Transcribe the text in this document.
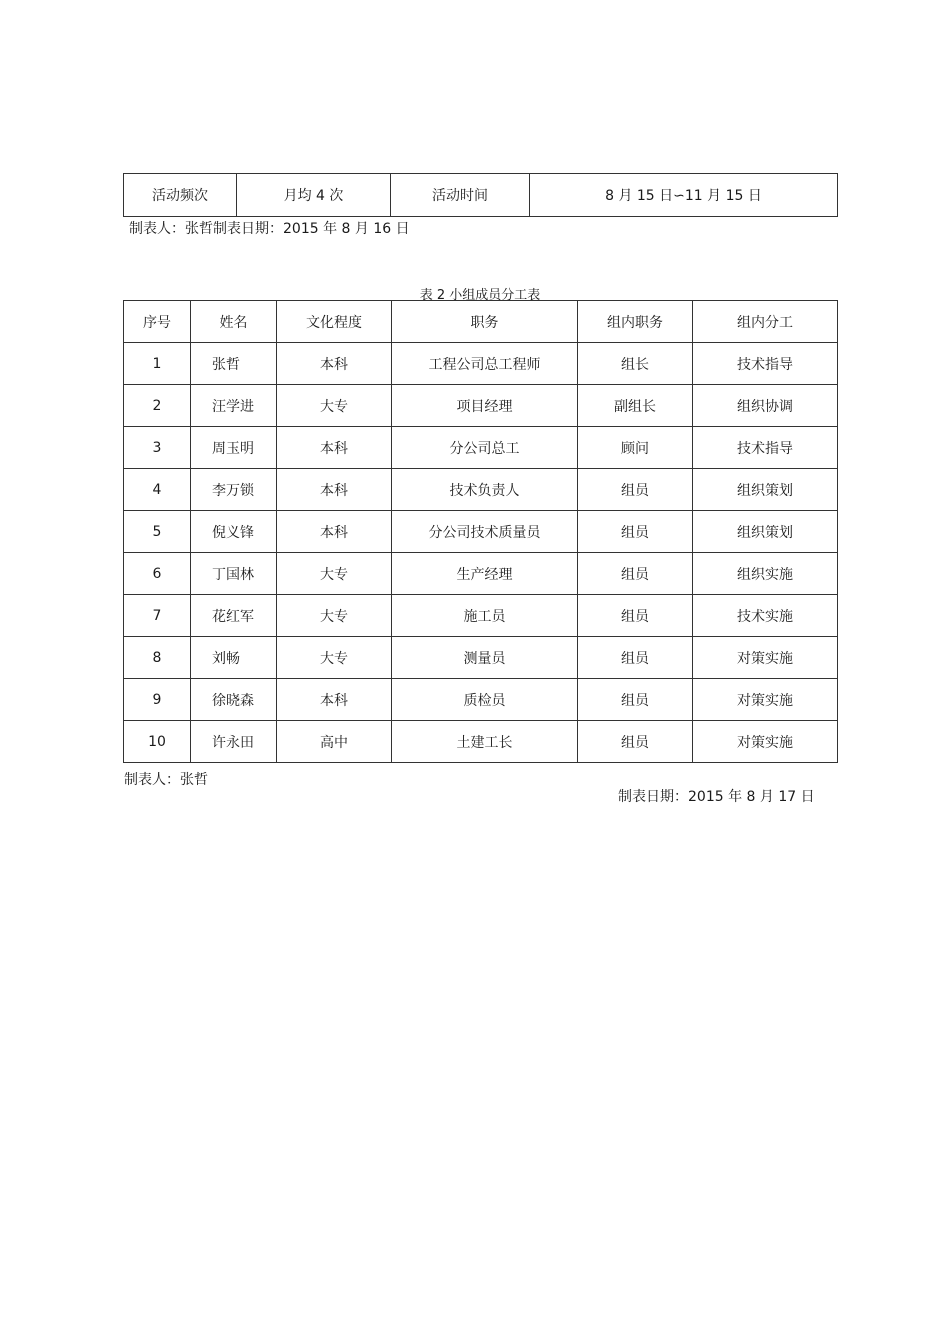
活动频次	月均 4 次	活动时间	8 月 15 日∽11 月 15 日
制表人：张哲制表日期：2015 年 8 月 16 日
表 2 小组成员分工表
序号	姓名	文化程度	职务	组内职务	组内分工
1	张哲	本科	工程公司总工程师	组长	技术指导
2	汪学进	大专	项目经理	副组长	组织协调
3	周玉明	本科	分公司总工	顾问	技术指导
4	李万锁	本科	技术负责人	组员	组织策划
5	倪义锋	本科	分公司技术质量员	组员	组织策划
6	丁国林	大专	生产经理	组员	组织实施
7	花红军	大专	施工员	组员	技术实施
8	刘畅	大专	测量员	组员	对策实施
9	徐晓森	本科	质检员	组员	对策实施
10	许永田	高中	土建工长	组员	对策实施
制表人：张哲
制表日期：2015 年 8 月 17 日
